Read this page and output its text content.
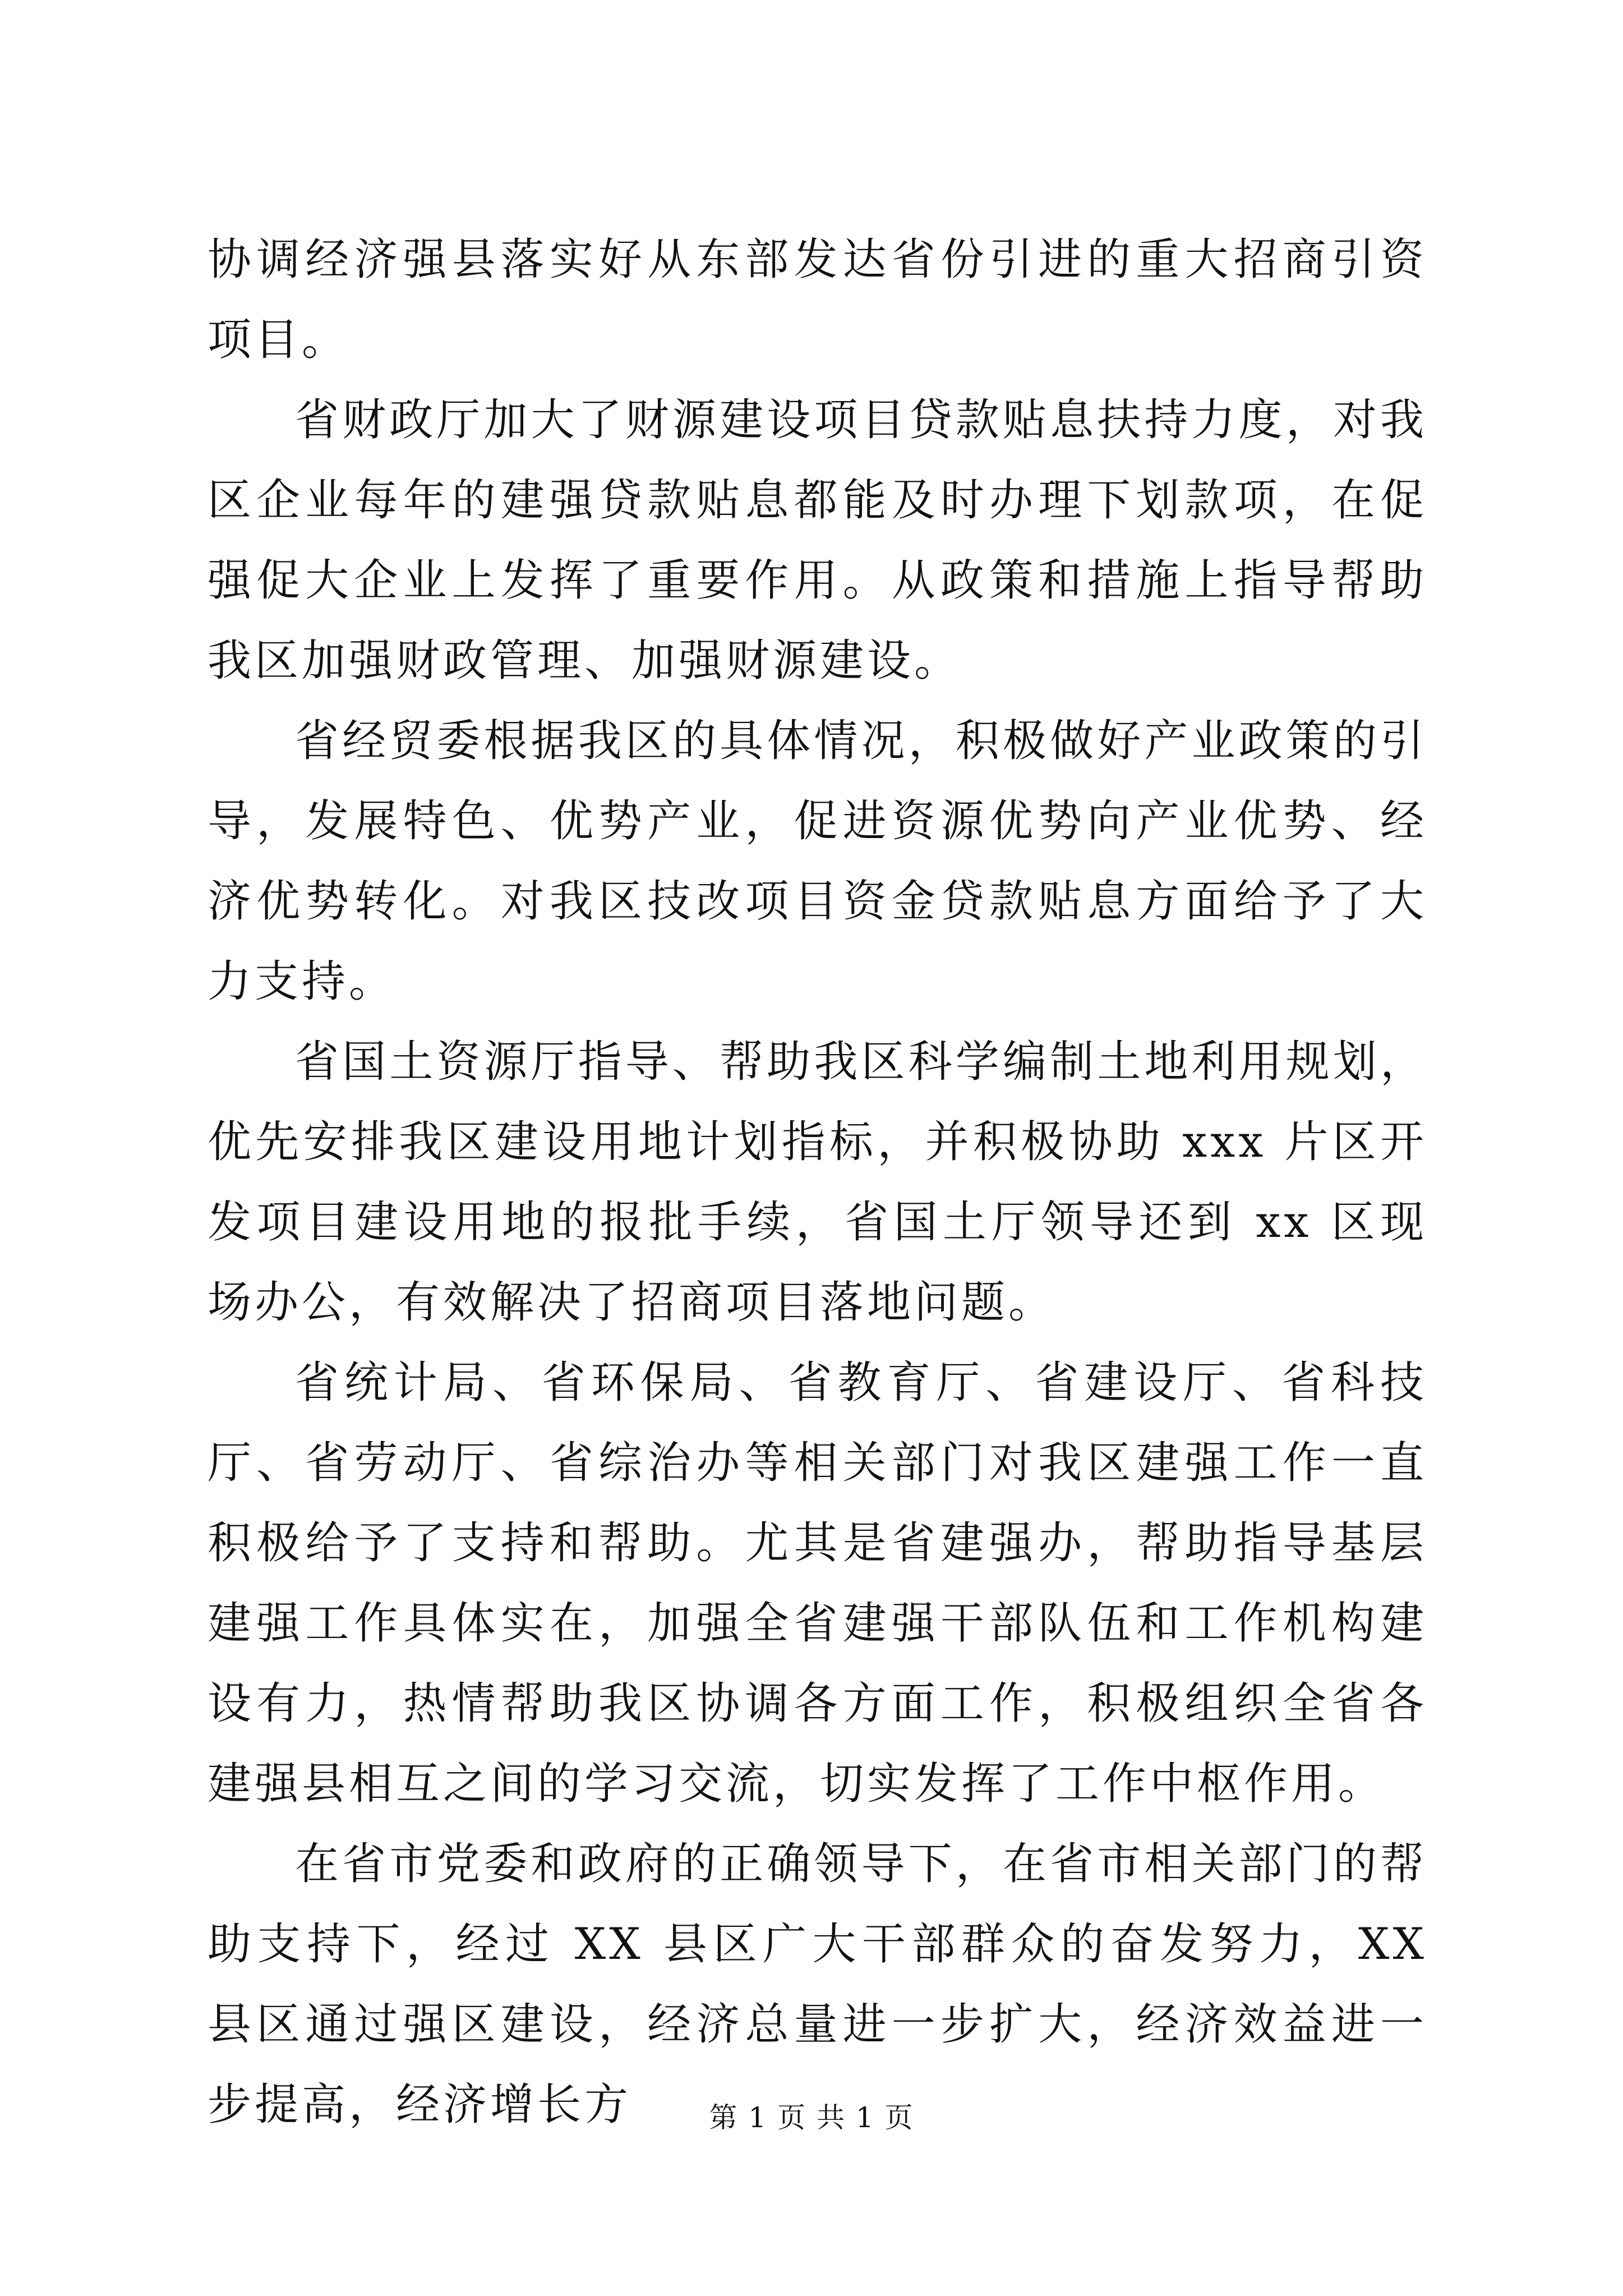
协调经济强县落实好从东部发达省份引进的重大招商引资项目。

省财政厅加大了财源建设项目贷款贴息扶持力度，对我区企业每年的建强贷款贴息都能及时办理下划款项，在促强促大企业上发挥了重要作用。从政策和措施上指导帮助我区加强财政管理、加强财源建设。

省经贸委根据我区的具体情况，积极做好产业政策的引导，发展特色、优势产业，促进资源优势向产业优势、经济优势转化。对我区技改项目资金贷款贴息方面给予了大力支持。

省国土资源厅指导、帮助我区科学编制土地利用规划，优先安排我区建设用地计划指标，并积极协助 xxx 片区开发项目建设用地的报批手续，省国土厅领导还到 xx 区现场办公，有效解决了招商项目落地问题。

省统计局、省环保局、省教育厅、省建设厅、省科技厅、省劳动厅、省综治办等相关部门对我区建强工作一直积极给予了支持和帮助。尤其是省建强办，帮助指导基层建强工作具体实在，加强全省建强干部队伍和工作机构建设有力，热情帮助我区协调各方面工作，积极组织全省各建强县相互之间的学习交流，切实发挥了工作中枢作用。

在省市党委和政府的正确领导下，在省市相关部门的帮助支持下，经过 XX 县区广大干部群众的奋发努力，XX 县区通过强区建设，经济总量进一步扩大，经济效益进一步提高，经济增长方	第 1 页 共 1 页
